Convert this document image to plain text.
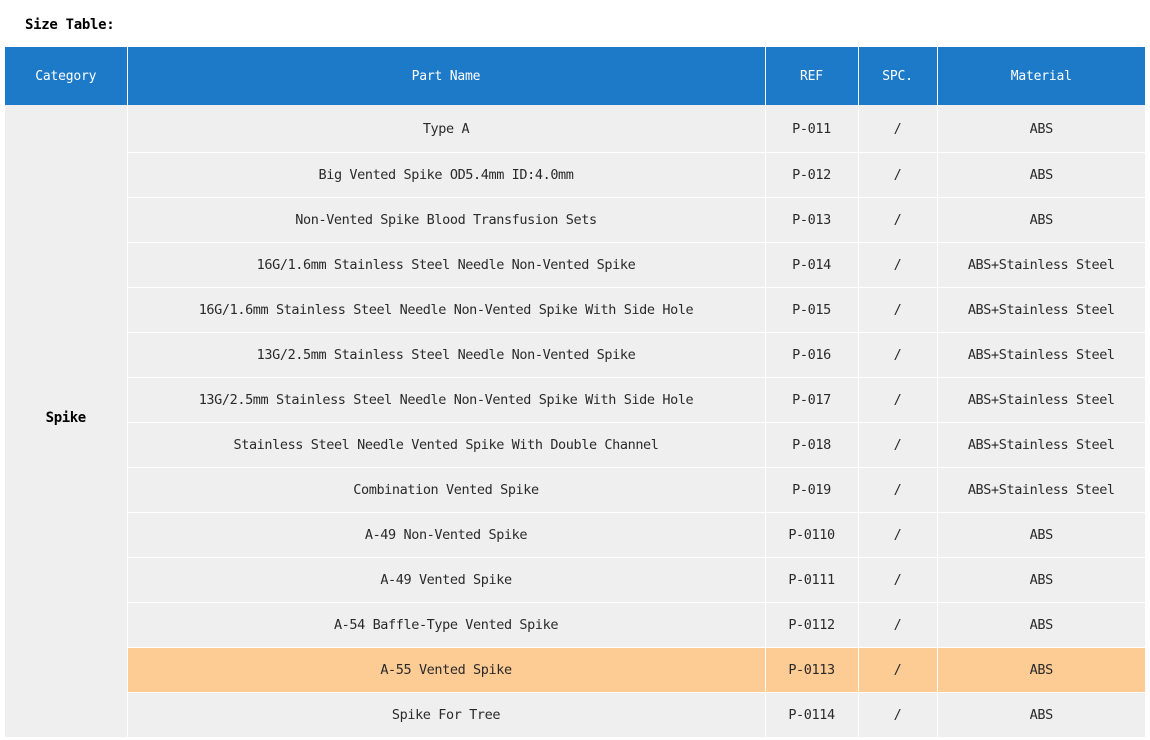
Size Table:
Category	Part Name	REF	SPC.	Material
Spike	Type A	P-011	/	ABS
	Big Vented Spike OD5.4mm ID:4.0mm	P-012	/	ABS
	Non-Vented Spike Blood Transfusion Sets	P-013	/	ABS
	16G/1.6mm Stainless Steel Needle Non-Vented Spike	P-014	/	ABS+Stainless Steel
	16G/1.6mm Stainless Steel Needle Non-Vented Spike With Side Hole	P-015	/	ABS+Stainless Steel
	13G/2.5mm Stainless Steel Needle Non-Vented Spike	P-016	/	ABS+Stainless Steel
	13G/2.5mm Stainless Steel Needle Non-Vented Spike With Side Hole	P-017	/	ABS+Stainless Steel
	Stainless Steel Needle Vented Spike With Double Channel	P-018	/	ABS+Stainless Steel
	Combination Vented Spike	P-019	/	ABS+Stainless Steel
	A-49 Non-Vented Spike	P-0110	/	ABS
	A-49 Vented Spike	P-0111	/	ABS
	A-54 Baffle-Type Vented Spike	P-0112	/	ABS
	A-55 Vented Spike	P-0113	/	ABS
	Spike For Tree	P-0114	/	ABS
